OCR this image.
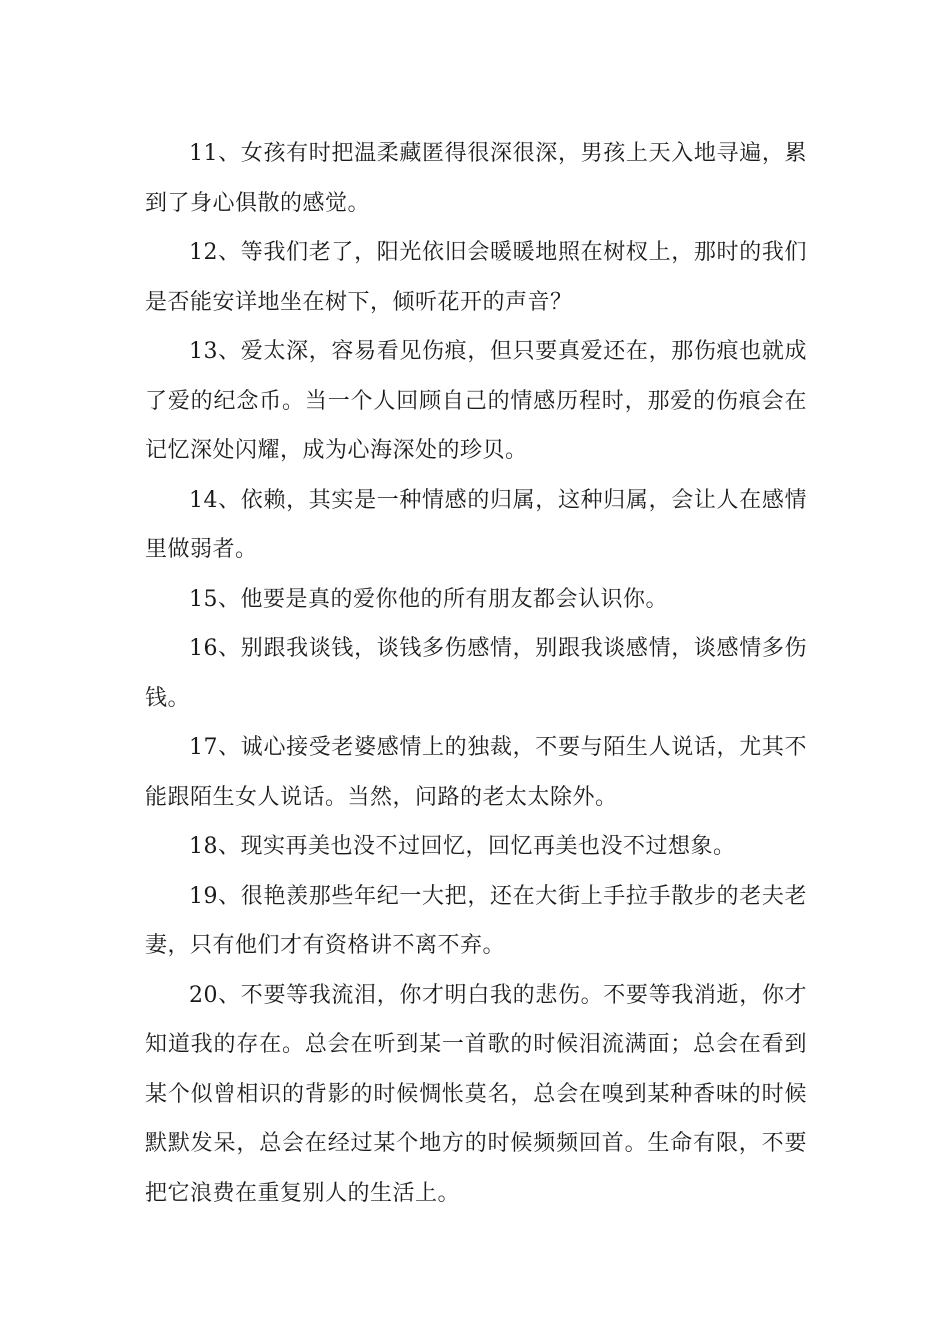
11、女孩有时把温柔藏匿得很深很深，男孩上天入地寻遍，累到了身心俱散的感觉。

12、等我们老了，阳光依旧会暖暖地照在树杈上，那时的我们是否能安详地坐在树下，倾听花开的声音？

13、爱太深，容易看见伤痕，但只要真爱还在，那伤痕也就成了爱的纪念币。当一个人回顾自己的情感历程时，那爱的伤痕会在记忆深处闪耀，成为心海深处的珍贝。

14、依赖，其实是一种情感的归属，这种归属，会让人在感情里做弱者。

15、他要是真的爱你他的所有朋友都会认识你。

16、别跟我谈钱，谈钱多伤感情，别跟我谈感情，谈感情多伤钱。

17、诚心接受老婆感情上的独裁，不要与陌生人说话，尤其不能跟陌生女人说话。当然，问路的老太太除外。

18、现实再美也没不过回忆，回忆再美也没不过想象。

19、很艳羡那些年纪一大把，还在大街上手拉手散步的老夫老妻，只有他们才有资格讲不离不弃。

20、不要等我流泪，你才明白我的悲伤。不要等我消逝，你才知道我的存在。总会在听到某一首歌的时候泪流满面；总会在看到某个似曾相识的背影的时候惆怅莫名，总会在嗅到某种香味的时候默默发呆，总会在经过某个地方的时候频频回首。生命有限，不要把它浪费在重复别人的生活上。
